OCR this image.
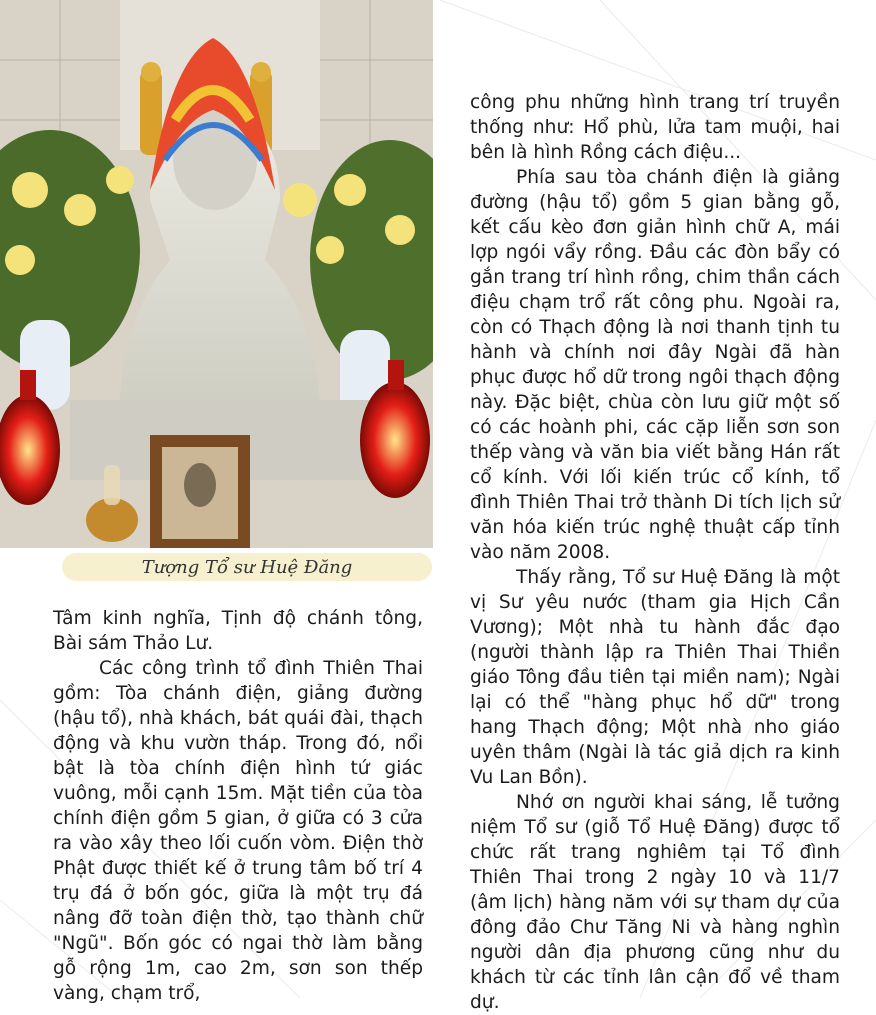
Tượng Tổ sư Huệ Đăng

Tâm kinh nghĩa, Tịnh độ chánh tông, Bài sám Thảo Lư.

Các công trình tổ đình Thiên Thai gồm: Tòa chánh điện, giảng đường (hậu tổ), nhà khách, bát quái đài, thạch động và khu vườn tháp. Trong đó, nổi bật là tòa chính điện hình tứ giác vuông, mỗi cạnh 15m. Mặt tiền của tòa chính điện gồm 5 gian, ở giữa có 3 cửa ra vào xây theo lối cuốn vòm. Điện thờ Phật được thiết kế ở trung tâm bố trí 4 trụ đá ở bốn góc, giữa là một trụ đá nâng đỡ toàn điện thờ, tạo thành chữ "Ngũ". Bốn góc có ngai thờ làm bằng gỗ rộng 1m, cao 2m, sơn son thếp vàng, chạm trổ,

công phu những hình trang trí truyền thống như: Hổ phù, lửa tam muội, hai bên là hình Rồng cách điệu...

Phía sau tòa chánh điện là giảng đường (hậu tổ) gồm 5 gian bằng gỗ, kết cấu kèo đơn giản hình chữ A, mái lợp ngói vẩy rồng. Đầu các đòn bẩy có gắn trang trí hình rồng, chim thần cách điệu chạm trổ rất công phu. Ngoài ra, còn có Thạch động là nơi thanh tịnh tu hành và chính nơi đây Ngài đã hàn phục được hổ dữ trong ngôi thạch động này. Đặc biệt, chùa còn lưu giữ một số có các hoành phi, các cặp liễn sơn son thếp vàng và văn bia viết bằng Hán rất cổ kính. Với lối kiến trúc cổ kính, tổ đình Thiên Thai trở thành Di tích lịch sử văn hóa kiến trúc nghệ thuật cấp tỉnh vào năm 2008.

Thấy rằng, Tổ sư Huệ Đăng là một vị Sư yêu nước (tham gia Hịch Cần Vương); Một nhà tu hành đắc đạo (người thành lập ra Thiên Thai Thiền giáo Tông đầu tiên tại miền nam); Ngài lại có thể "hàng phục hổ dữ" trong hang Thạch động; Một nhà nho giáo uyên thâm (Ngài là tác giả dịch ra kinh Vu Lan Bồn).

Nhớ ơn người khai sáng, lễ tưởng niệm Tổ sư (giỗ Tổ Huệ Đăng) được tổ chức rất trang nghiêm tại Tổ đình Thiên Thai trong 2 ngày 10 và 11/7 (âm lịch) hàng năm với sự tham dự của đông đảo Chư Tăng Ni và hàng nghìn người dân địa phương cũng như du khách từ các tỉnh lân cận đổ về tham dự.
